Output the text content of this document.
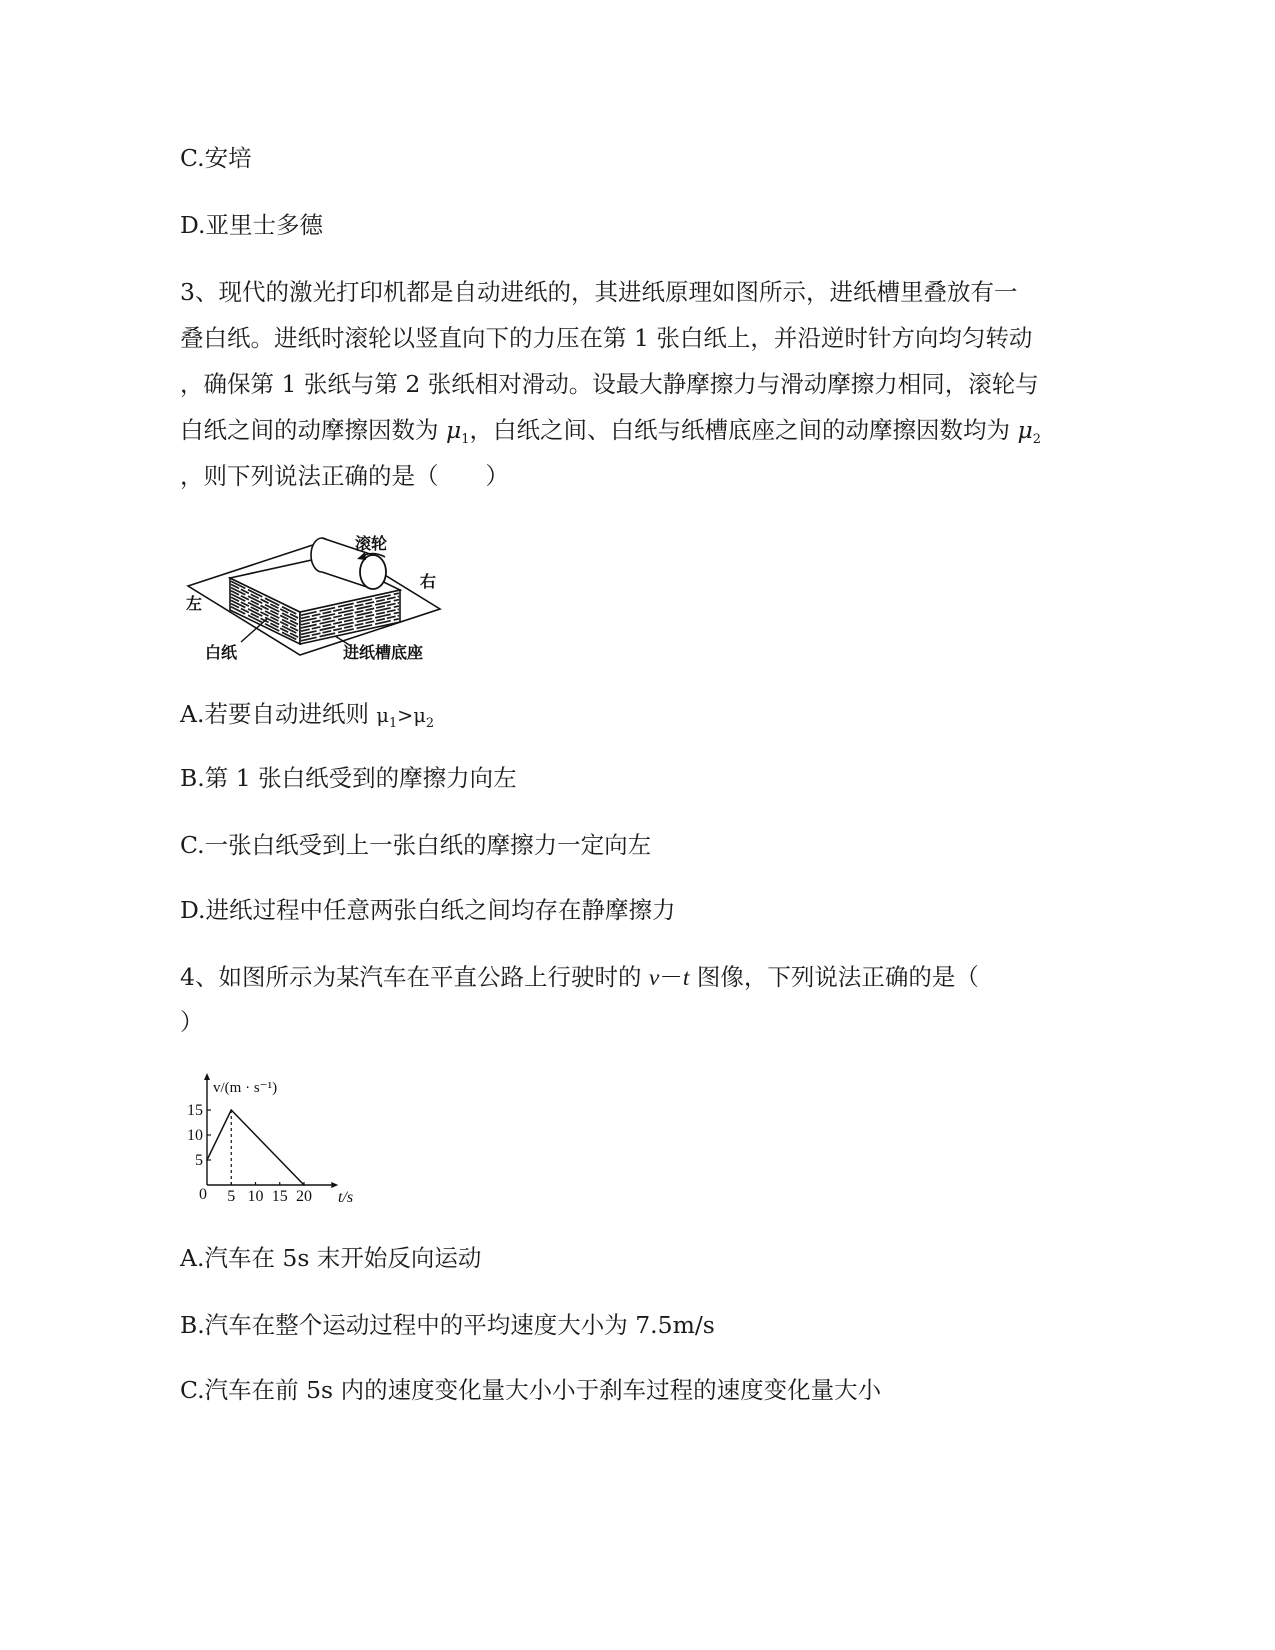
C.安培
D.亚里士多德
3、现代的激光打印机都是自动进纸的，其进纸原理如图所示，进纸槽里叠放有一
叠白纸。进纸时滚轮以竖直向下的力压在第 1 张白纸上，并沿逆时针方向均匀转动
，确保第 1 张纸与第 2 张纸相对滑动。设最大静摩擦力与滑动摩擦力相同，滚轮与
白纸之间的动摩擦因数为 μ1，白纸之间、白纸与纸槽底座之间的动摩擦因数均为 μ2
，则下列说法正确的是（　　）
滚轮
右
左
白纸	进纸槽底座
A.若要自动进纸则 μ1>μ2
B.第 1 张白纸受到的摩擦力向左
C.一张白纸受到上一张白纸的摩擦力一定向左
D.进纸过程中任意两张白纸之间均存在静摩擦力
4、如图所示为某汽车在平直公路上行驶时的 v－t 图像，下列说法正确的是（
）
v/(m · s⁻¹)
t/s
5
10
15
0 5 10 15 20
A.汽车在 5s 末开始反向运动
B.汽车在整个运动过程中的平均速度大小为 7.5m/s
C.汽车在前 5s 内的速度变化量大小小于刹车过程的速度变化量大小
